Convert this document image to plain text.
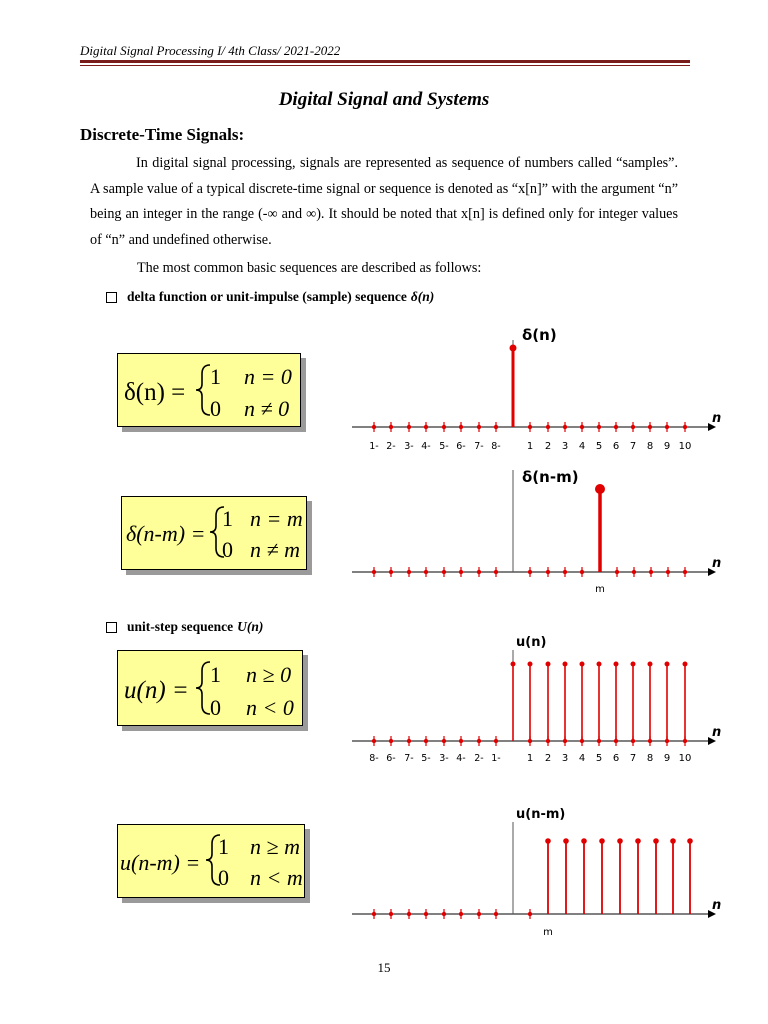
Digital Signal Processing I/ 4th Class/ 2021-2022
Digital Signal and Systems
Discrete-Time Signals:

In digital signal processing, signals are represented as sequence of numbers called “samples”. A sample value of a typical discrete-time signal or sequence is denoted as “x[n]” with the argument “n” being an integer in the range (-∞ and ∞). It should be noted that x[n] is defined only for integer values of “n” and undefined otherwise.

The most common basic sequences are described as follows:
delta function or unit-impulse (sample) sequence δ(n)
δ(n) =
1 n = 0
0 n ≠ 0
1- 2- 3- 4- 5- 6- 7- 8-	1 2 3 4 5 6 7 8 9 10
n
δ(n)
δ(n-m) =
1 n = m
0 n ≠ m
n
δ(n-m)
m
unit-step sequence U(n)
u(n) =
1 n ≥ 0
0 n < 0
8- 6- 7- 5- 3- 4- 2- 1-	1 2 3 4 5 6 7 8 9 10
n
u(n)
u(n-m) =
1 n ≥ m
0 n < m
n
u(n-m)
m
15
